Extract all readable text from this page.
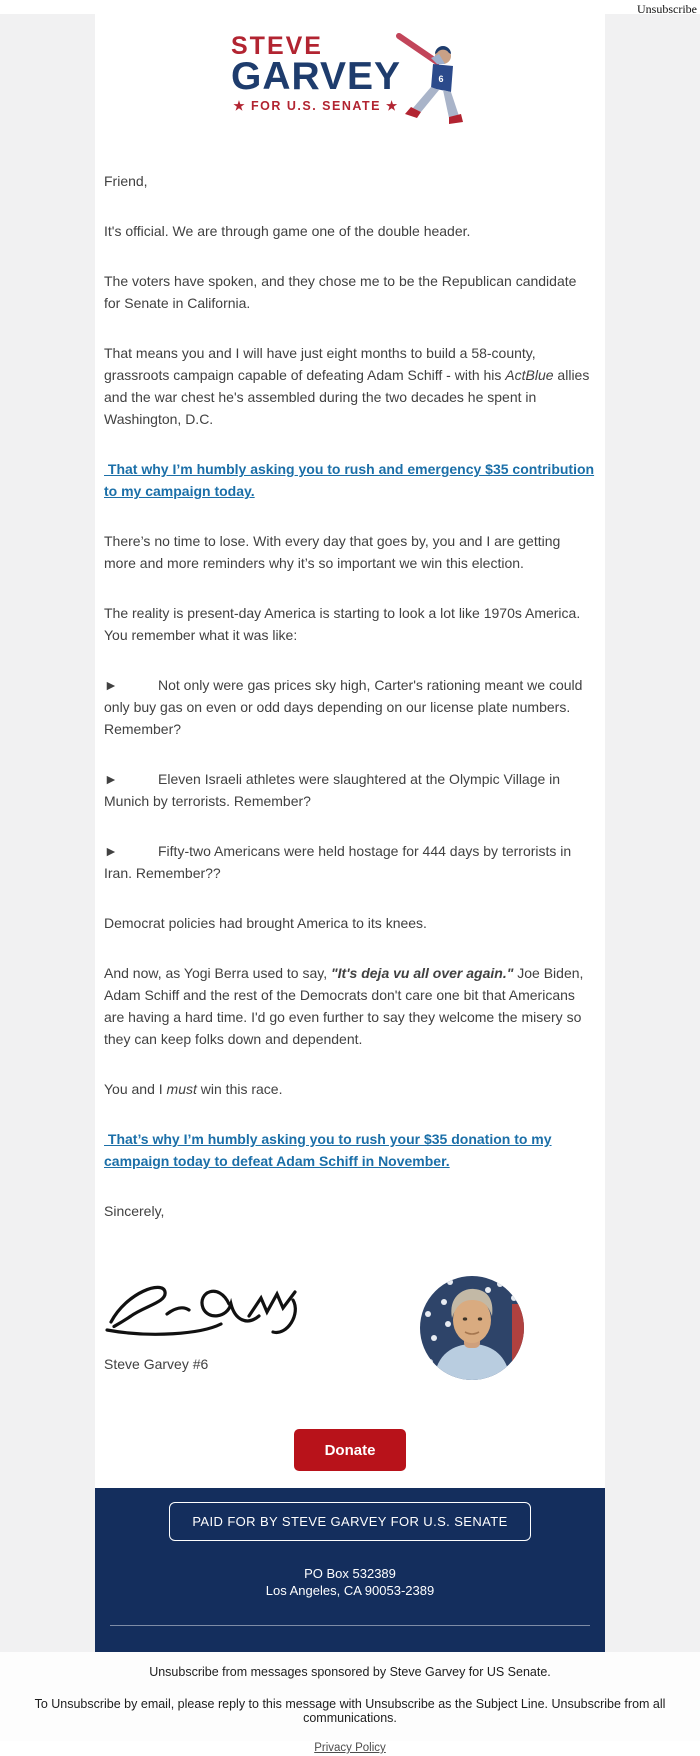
Unsubscribe
STEVE
GARVEY
★ FOR U.S. SENATE ★
6

Friend,

It's official. We are through game one of the double header.

The voters have spoken, and they chose me to be the Republican candidate for Senate in California.

That means you and I will have just eight months to build a 58-county, grassroots campaign capable of defeating Adam Schiff - with his ActBlue allies and the war chest he's assembled during the two decades he spent in Washington, D.C.

That why I’m humbly asking you to rush and emergency $35 contribution to my campaign today.

There’s no time to lose. With every day that goes by, you and I are getting more and more reminders why it’s so important we win this election.

The reality is present-day America is starting to look a lot like 1970s America. You remember what it was like:

►	Not only were gas prices sky high, Carter's rationing meant we could only buy gas on even or odd days depending on our license plate numbers. Remember?

►	Eleven Israeli athletes were slaughtered at the Olympic Village in Munich by terrorists. Remember?

►	Fifty-two Americans were held hostage for 444 days by terrorists in Iran. Remember??

Democrat policies had brought America to its knees.

And now, as Yogi Berra used to say, "It's deja vu all over again." Joe Biden, Adam Schiff and the rest of the Democrats don't care one bit that Americans are having a hard time. I'd go even further to say they welcome the misery so they can keep folks down and dependent.

You and I must win this race.

That’s why I’m humbly asking you to rush your $35 donation to my campaign today to defeat Adam Schiff in November.

Sincerely,

Steve Garvey #6
Donate
PAID FOR BY STEVE GARVEY FOR U.S. SENATE
PO Box 532389
Los Angeles, CA 90053-2389
Unsubscribe from messages sponsored by Steve Garvey for US Senate.
To Unsubscribe by email, please reply to this message with Unsubscribe as the Subject Line. Unsubscribe from all communications.
Privacy Policy
